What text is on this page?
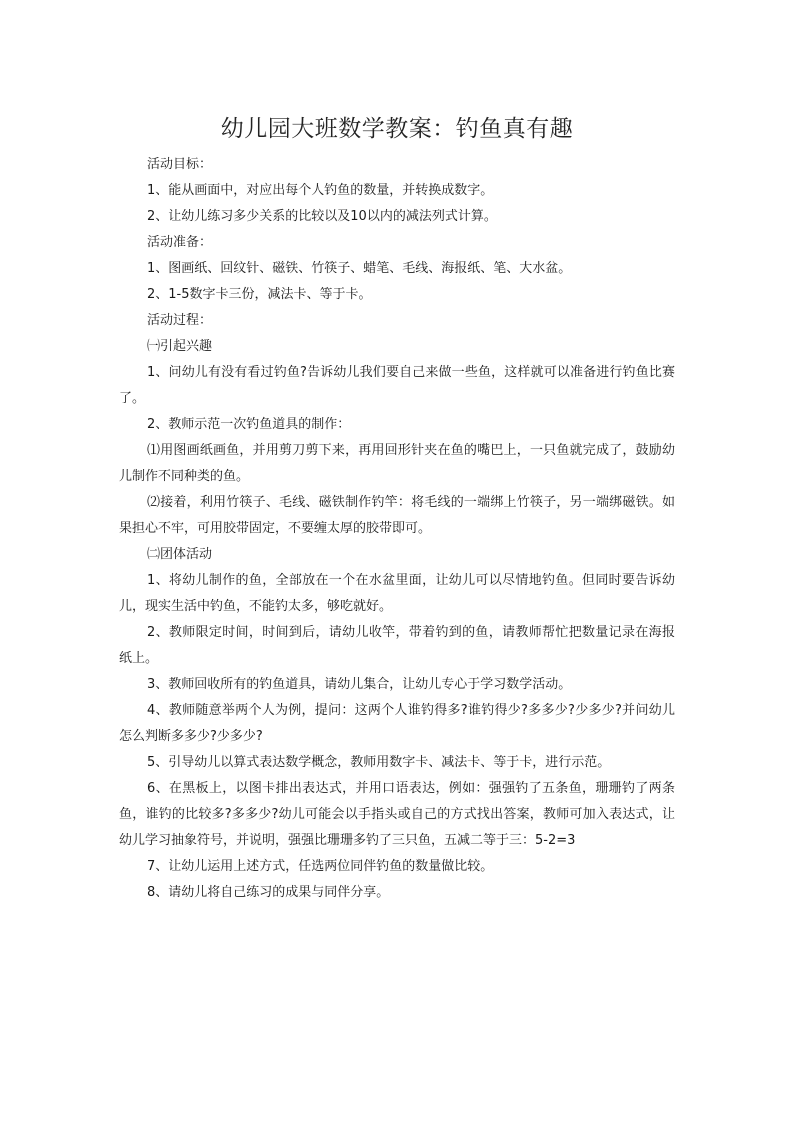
幼儿园大班数学教案：钓鱼真有趣

活动目标：

1、能从画面中，对应出每个人钓鱼的数量，并转换成数字。

2、让幼儿练习多少关系的比较以及10以内的减法列式计算。

活动准备：

1、图画纸、回纹针、磁铁、竹筷子、蜡笔、毛线、海报纸、笔、大水盆。

2、1-5数字卡三份，减法卡、等于卡。

活动过程：

㈠引起兴趣

1、问幼儿有没有看过钓鱼?告诉幼儿我们要自己来做一些鱼，这样就可以准备进行钓鱼比赛了。

2、教师示范一次钓鱼道具的制作：

⑴用图画纸画鱼，并用剪刀剪下来，再用回形针夹在鱼的嘴巴上，一只鱼就完成了，鼓励幼儿制作不同种类的鱼。

⑵接着，利用竹筷子、毛线、磁铁制作钓竿：将毛线的一端绑上竹筷子，另一端绑磁铁。如果担心不牢，可用胶带固定，不要缠太厚的胶带即可。

㈡团体活动

1、将幼儿制作的鱼，全部放在一个在水盆里面，让幼儿可以尽情地钓鱼。但同时要告诉幼儿，现实生活中钓鱼，不能钓太多，够吃就好。

2、教师限定时间，时间到后，请幼儿收竿，带着钓到的鱼，请教师帮忙把数量记录在海报纸上。

3、教师回收所有的钓鱼道具，请幼儿集合，让幼儿专心于学习数学活动。

4、教师随意举两个人为例，提问：这两个人谁钓得多?谁钓得少?多多少?少多少?并问幼儿怎么判断多多少?少多少?

5、引导幼儿以算式表达数学概念，教师用数字卡、减法卡、等于卡，进行示范。

6、在黑板上，以图卡排出表达式，并用口语表达，例如：强强钓了五条鱼，珊珊钓了两条鱼，谁钓的比较多?多多少?幼儿可能会以手指头或自己的方式找出答案，教师可加入表达式，让幼儿学习抽象符号，并说明，强强比珊珊多钓了三只鱼，五减二等于三：5-2=3

7、让幼儿运用上述方式，任选两位同伴钓鱼的数量做比较。

8、请幼儿将自己练习的成果与同伴分享。
